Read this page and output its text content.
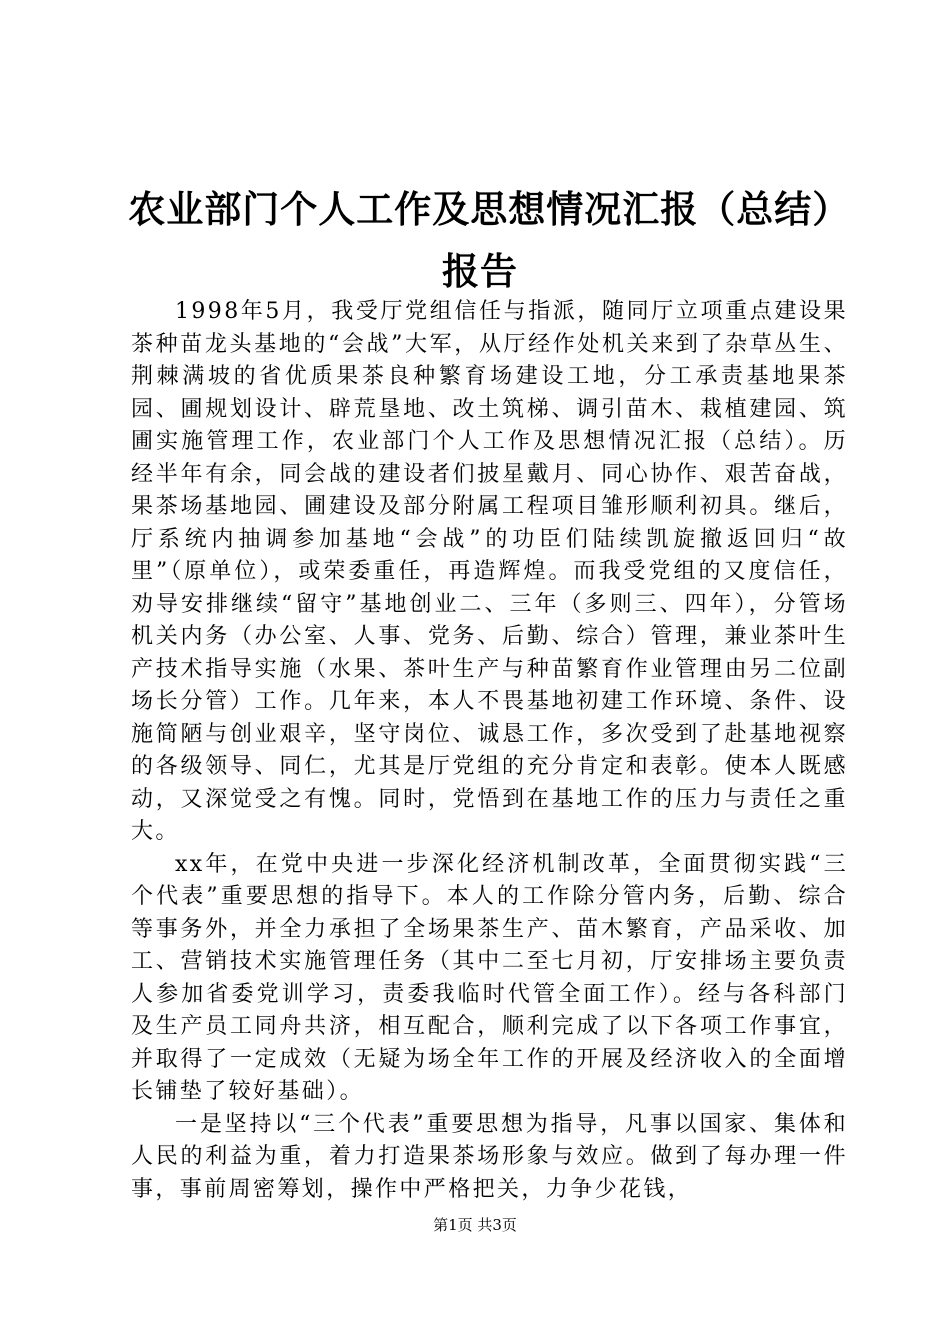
农业部门个人工作及思想情况汇报（总结）报告

1998年5月，我受厅党组信任与指派，随同厅立项重点建设果茶种苗龙头基地的“会战”大军，从厅经作处机关来到了杂草丛生、荆棘满坡的省优质果茶良种繁育场建设工地，分工承责基地果茶园、圃规划设计、辟荒垦地、改土筑梯、调引苗木、栽植建园、筑圃实施管理工作，农业部门个人工作及思想情况汇报（总结）。历经半年有余，同会战的建设者们披星戴月、同心协作、艰苦奋战，果茶场基地园、圃建设及部分附属工程项目雏形顺利初具。继后，厅系统内抽调参加基地“会战”的功臣们陆续凯旋撤返回归“故里”（原单位），或荣委重任，再造辉煌。而我受党组的又度信任，劝导安排继续“留守”基地创业二、三年（多则三、四年），分管场机关内务（办公室、人事、党务、后勤、综合）管理，兼业茶叶生产技术指导实施（水果、茶叶生产与种苗繁育作业管理由另二位副场长分管）工作。几年来，本人不畏基地初建工作环境、条件、设施简陋与创业艰辛，坚守岗位、诚恳工作，多次受到了赴基地视察的各级领导、同仁，尤其是厅党组的充分肯定和表彰。使本人既感动，又深觉受之有愧。同时，党悟到在基地工作的压力与责任之重大。

xx年，在党中央进一步深化经济机制改革，全面贯彻实践“三个代表”重要思想的指导下。本人的工作除分管内务，后勤、综合等事务外，并全力承担了全场果茶生产、苗木繁育，产品采收、加工、营销技术实施管理任务（其中二至七月初，厅安排场主要负责人参加省委党训学习，责委我临时代管全面工作）。经与各科部门及生产员工同舟共济，相互配合，顺利完成了以下各项工作事宜，并取得了一定成效（无疑为场全年工作的开展及经济收入的全面增长铺垫了较好基础）。

一是坚持以“三个代表”重要思想为指导，凡事以国家、集体和人民的利益为重，着力打造果茶场形象与效应。做到了每办理一件事，事前周密筹划，操作中严格把关，力争少花钱，

第1页 共3页
